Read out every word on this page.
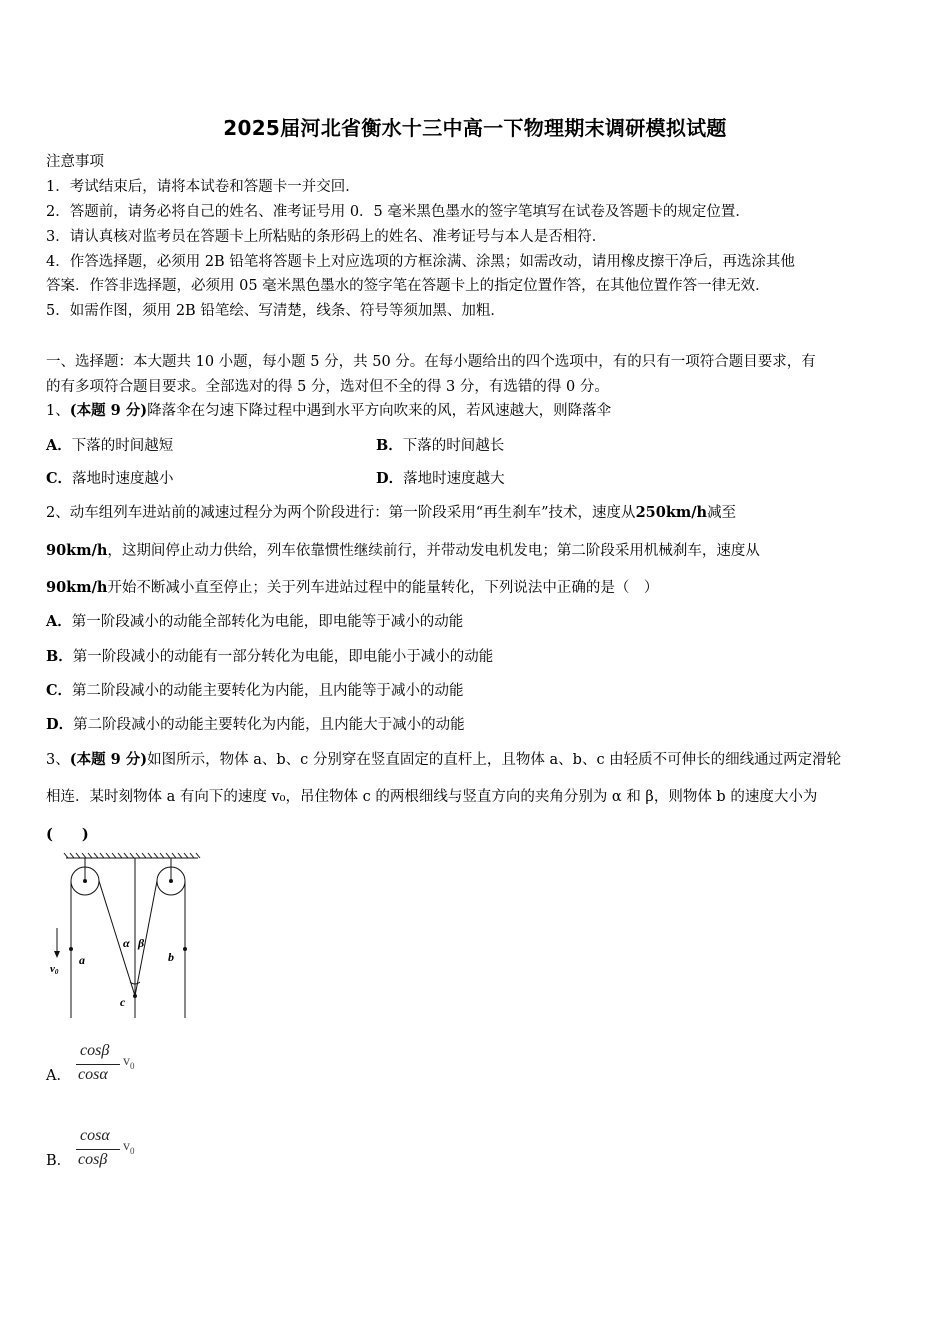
2025届河北省衡水十三中高一下物理期末调研模拟试题
注意事项
1．考试结束后，请将本试卷和答题卡一并交回．
2．答题前，请务必将自己的姓名、准考证号用 0．5 毫米黑色墨水的签字笔填写在试卷及答题卡的规定位置．
3．请认真核对监考员在答题卡上所粘贴的条形码上的姓名、准考证号与本人是否相符．
4．作答选择题，必须用 2B 铅笔将答题卡上对应选项的方框涂满、涂黑；如需改动，请用橡皮擦干净后，再选涂其他
答案．作答非选择题，必须用 05 毫米黑色墨水的签字笔在答题卡上的指定位置作答，在其他位置作答一律无效．
5．如需作图，须用 2B 铅笔绘、写清楚，线条、符号等须加黑、加粗．
一、选择题：本大题共 10 小题，每小题 5 分，共 50 分。在每小题给出的四个选项中，有的只有一项符合题目要求，有
的有多项符合题目要求。全部选对的得 5 分，选对但不全的得 3 分，有选错的得 0 分。
1、(本题 9 分)降落伞在匀速下降过程中遇到水平方向吹来的风，若风速越大，则降落伞
A．下落的时间越短	B．下落的时间越长
C．落地时速度越小	D．落地时速度越大
2、动车组列车进站前的减速过程分为两个阶段进行：第一阶段采用“再生刹车”技术，速度从250km/h减至
90km/h，这期间停止动力供给，列车依靠惯性继续前行，并带动发电机发电；第二阶段采用机械刹车，速度从
90km/h开始不断减小直至停止；关于列车进站过程中的能量转化，下列说法中正确的是（　）
A．第一阶段减小的动能全部转化为电能，即电能等于减小的动能
B．第一阶段减小的动能有一部分转化为电能，即电能小于减小的动能
C．第二阶段减小的动能主要转化为内能，且内能等于减小的动能
D．第二阶段减小的动能主要转化为内能，且内能大于减小的动能
3、(本题 9 分)如图所示，物体 a、b、c 分别穿在竖直固定的直杆上，且物体 a、b、c 由轻质不可伸长的细线通过两定滑轮
相连．某时刻物体 a 有向下的速度 v₀，吊住物体 c 的两根细线与竖直方向的夹角分别为 α 和 β，则物体 b 的速度大小为
(　　)
a	b
c
α β
v0
A．
cosβ
cosα
$v_0$
B．
cosα
cosβ
$v_0$
